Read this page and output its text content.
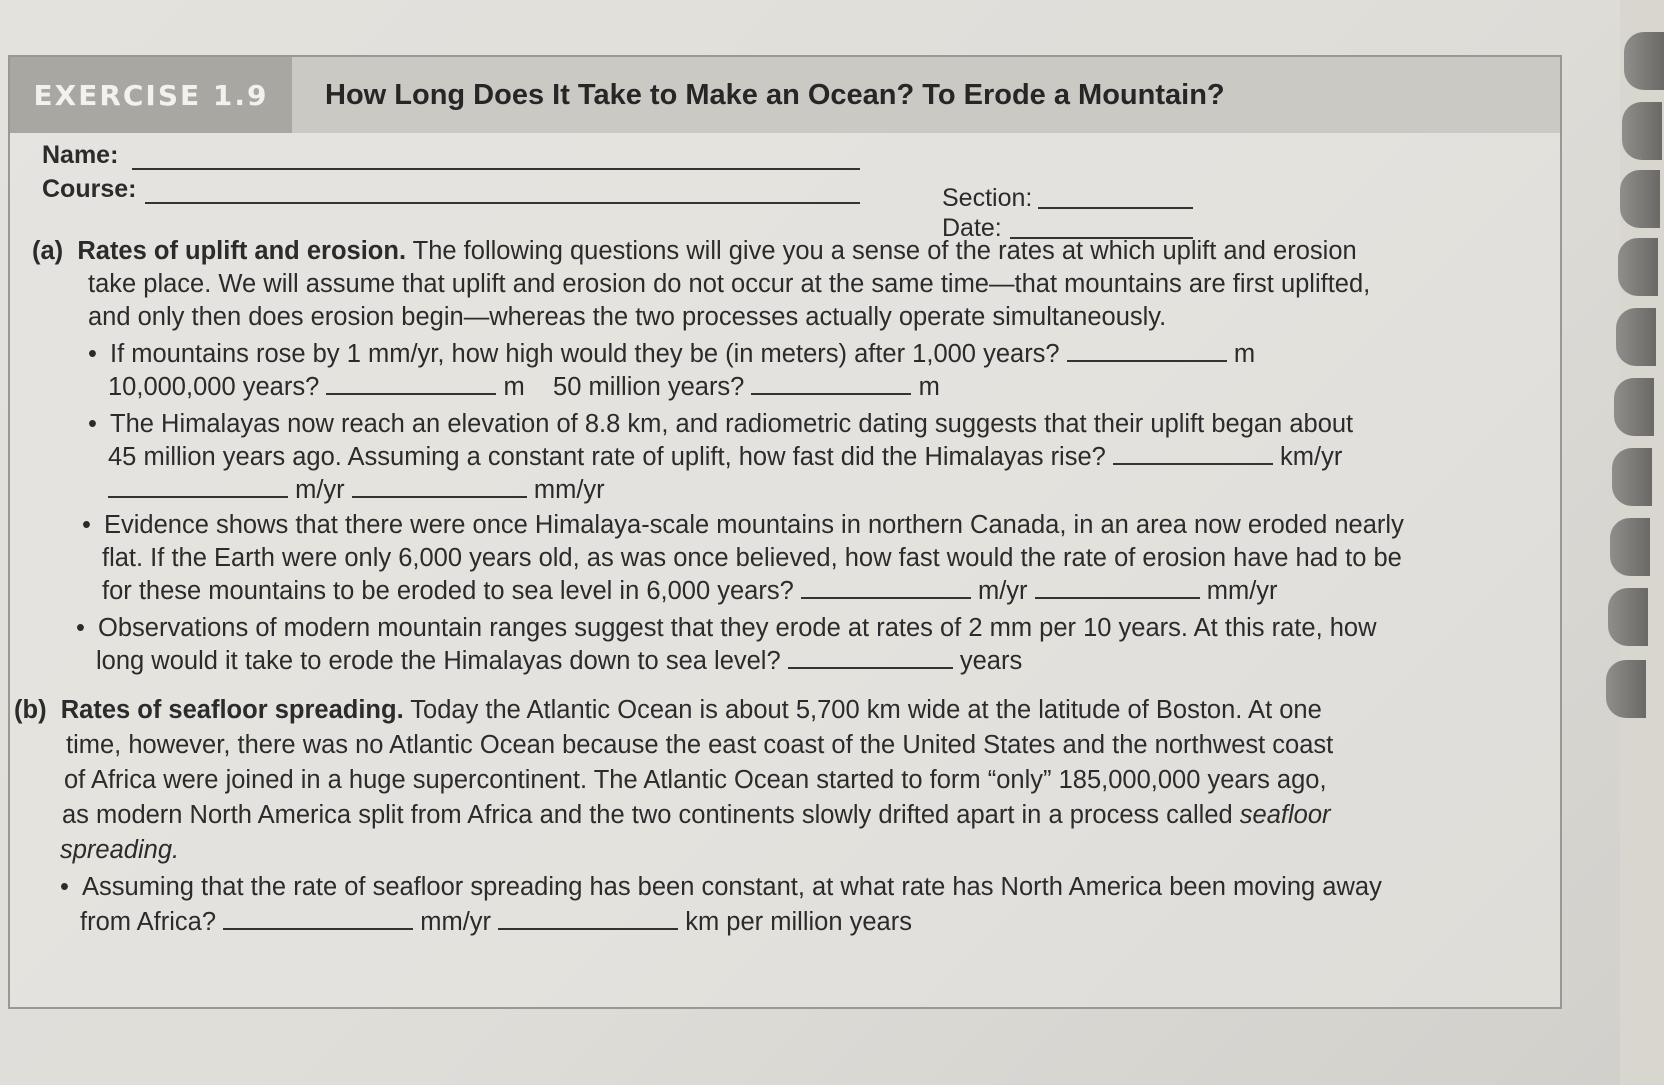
EXERCISE 1.9 How Long Does It Take to Make an Ocean? To Erode a Mountain?
Name:
Course:	Section:
Date:
(a) Rates of uplift and erosion. The following questions will give you a sense of the rates at which uplift and erosion
take place. We will assume that uplift and erosion do not occur at the same time—that mountains are first uplifted,
and only then does erosion begin—whereas the two processes actually operate simultaneously.
• If mountains rose by 1 mm/yr, how high would they be (in meters) after 1,000 years?	m
10,000,000 years?	m 50 million years?	m
• The Himalayas now reach an elevation of 8.8 km, and radiometric dating suggests that their uplift began about
45 million years ago. Assuming a constant rate of uplift, how fast did the Himalayas rise?	km/yr
m/yr	mm/yr
• Evidence shows that there were once Himalaya-scale mountains in northern Canada, in an area now eroded nearly
flat. If the Earth were only 6,000 years old, as was once believed, how fast would the rate of erosion have had to be
for these mountains to be eroded to sea level in 6,000 years?	m/yr	mm/yr
• Observations of modern mountain ranges suggest that they erode at rates of 2 mm per 10 years. At this rate, how
long would it take to erode the Himalayas down to sea level?	years
(b) Rates of seafloor spreading. Today the Atlantic Ocean is about 5,700 km wide at the latitude of Boston. At one
time, however, there was no Atlantic Ocean because the east coast of the United States and the northwest coast
of Africa were joined in a huge supercontinent. The Atlantic Ocean started to form “only” 185,000,000 years ago,
as modern North America split from Africa and the two continents slowly drifted apart in a process called seafloor
spreading.
• Assuming that the rate of seafloor spreading has been constant, at what rate has North America been moving away
from Africa?	mm/yr	km per million years
